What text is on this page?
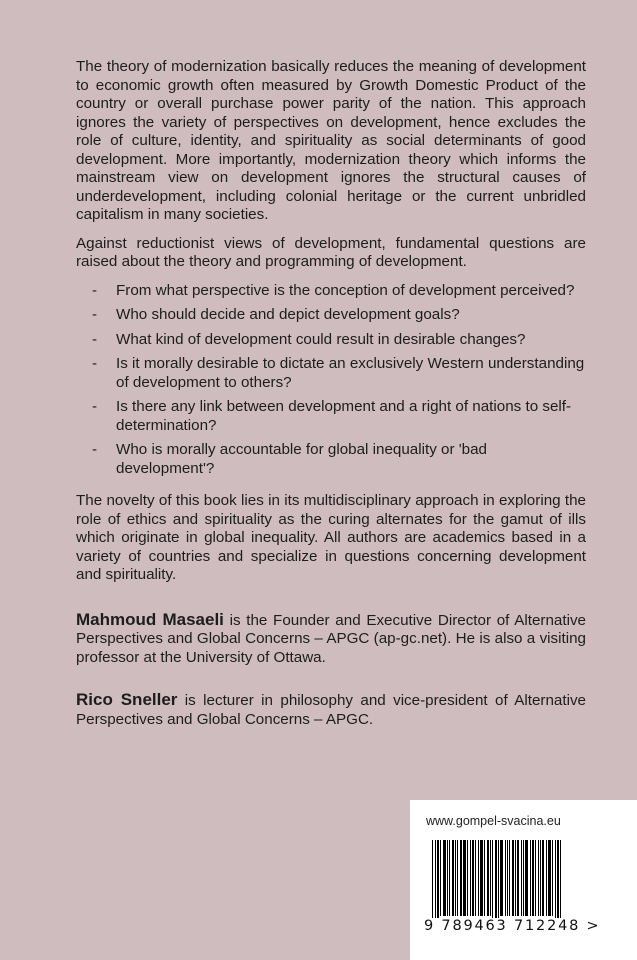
The theory of modernization basically reduces the meaning of development to economic growth often measured by Growth Domestic Product of the country or overall purchase power parity of the nation. This approach ignores the variety of perspectives on development, hence excludes the role of culture, identity, and spirituality as social determinants of good development. More importantly, modernization theory which informs the mainstream view on development ignores the structural causes of underdevelopment, including colonial heritage or the current unbridled capitalism in many societies.

Against reductionist views of development, fundamental questions are raised about the theory and programming of development.

- From what perspective is the conception of development perceived?
- Who should decide and depict development goals?
- What kind of development could result in desirable changes?
- Is it morally desirable to dictate an exclusively Western understanding of development to others?
- Is there any link between development and a right of nations to self-determination?
- Who is morally accountable for global inequality or 'bad development'?

The novelty of this book lies in its multidisciplinary approach in exploring the role of ethics and spirituality as the curing alternates for the gamut of ills which originate in global inequality. All authors are academics based in a variety of countries and specialize in questions concerning development and spirituality.

Mahmoud Masaeli is the Founder and Executive Director of Alternative Perspectives and Global Concerns – APGC (ap-gc.net). He is also a visiting professor at the University of Ottawa.

Rico Sneller is lecturer in philosophy and vice-president of Alternative Perspectives and Global Concerns – APGC.

www.gompel-svacina.eu
9 789463 712248 >
